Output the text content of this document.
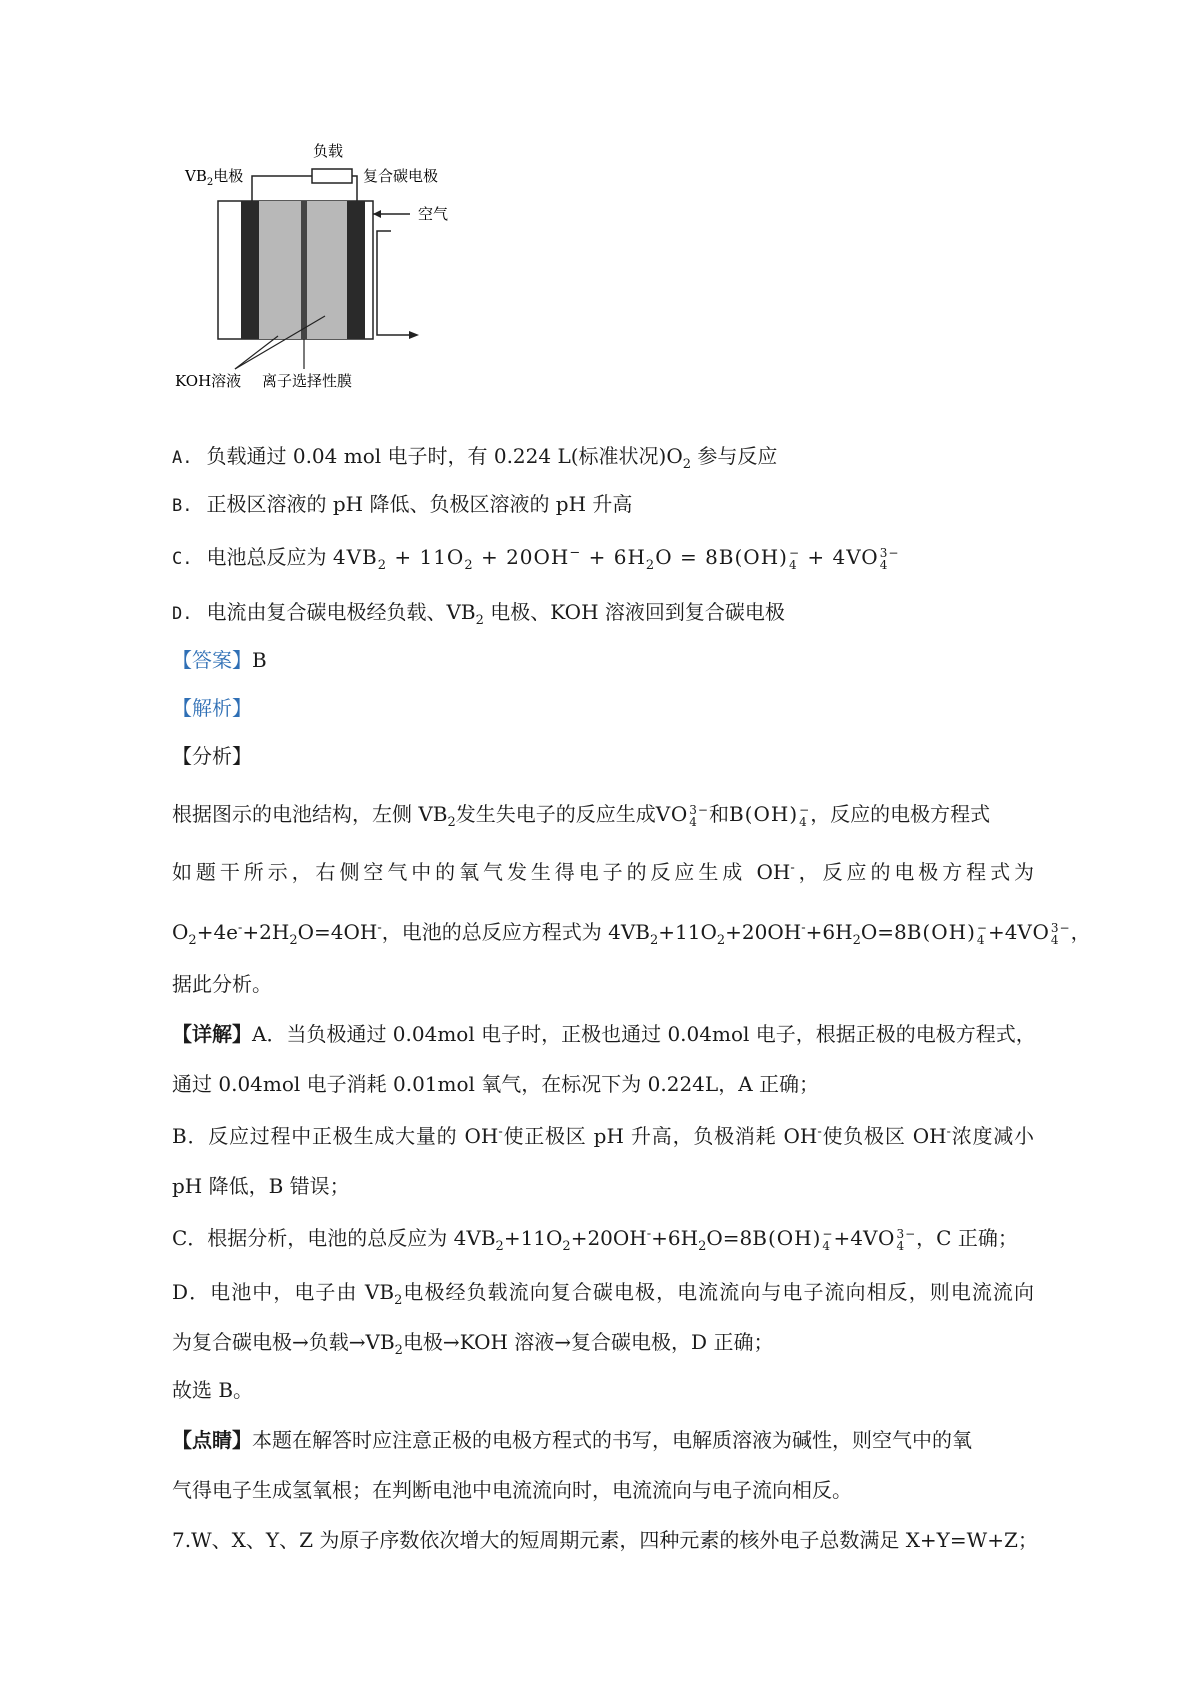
负载
$VB_2$电极	复合碳电极
空气
KOH溶液 离子选择性膜
A. 负载通过 0.04 mol 电子时，有 0.224 L(标准状况)$O_2$ 参与反应
B. 正极区溶液的 pH 降低、负极区溶液的 pH 升高
C. 电池总反应为 $4VB_2 + 11O_2 + 20OH^- + 6H_2O = 8B(OH)$ −
4 + 4VO 3−
4
D. 电流由复合碳电极经负载、$VB_2$ 电极、KOH 溶液回到复合碳电极
【答案】B
【解析】
【分析】
根据图示的电池结构，左侧 $VB_2$发生失电子的反应生成VO 3−
4 和B(OH) −
4 ，反应的电极方程式
如题干所示，右侧空气中的氧气发生得电子的反应生成 OH-，反应的电极方程式为
$O_2+4e^-+2H_2O=4OH^-$，电池的总反应方程式为 $4VB_2+11O_2+20OH^-+6H_2O=8B(OH)$ −
4 +4VO 3−
4 ，
据此分析。
【详解】A．当负极通过 0.04mol 电子时，正极也通过 0.04mol 电子，根据正极的电极方程式，
通过 0.04mol 电子消耗 0.01mol 氧气，在标况下为 0.224L，A 正确；
B．反应过程中正极生成大量的 OH-使正极区 pH 升高，负极消耗 OH-使负极区 OH-浓度减小
pH 降低，B 错误；
C．根据分析，电池的总反应为 $4VB_2+11O_2+20OH^-+6H_2O=8B(OH)$ −
4 +4VO 3−
4 ，C 正确；
D．电池中，电子由 $VB_2$电极经负载流向复合碳电极，电流流向与电子流向相反，则电流流向
为复合碳电极→负载$\to VB_2$电极→KOH 溶液→复合碳电极，D 正确；
故选 B。
【点睛】本题在解答时应注意正极的电极方程式的书写，电解质溶液为碱性，则空气中的氧
气得电子生成氢氧根；在判断电池中电流流向时，电流流向与电子流向相反。
7.W、X、Y、Z 为原子序数依次增大的短周期元素，四种元素的核外电子总数满足 X+Y=W+Z；
